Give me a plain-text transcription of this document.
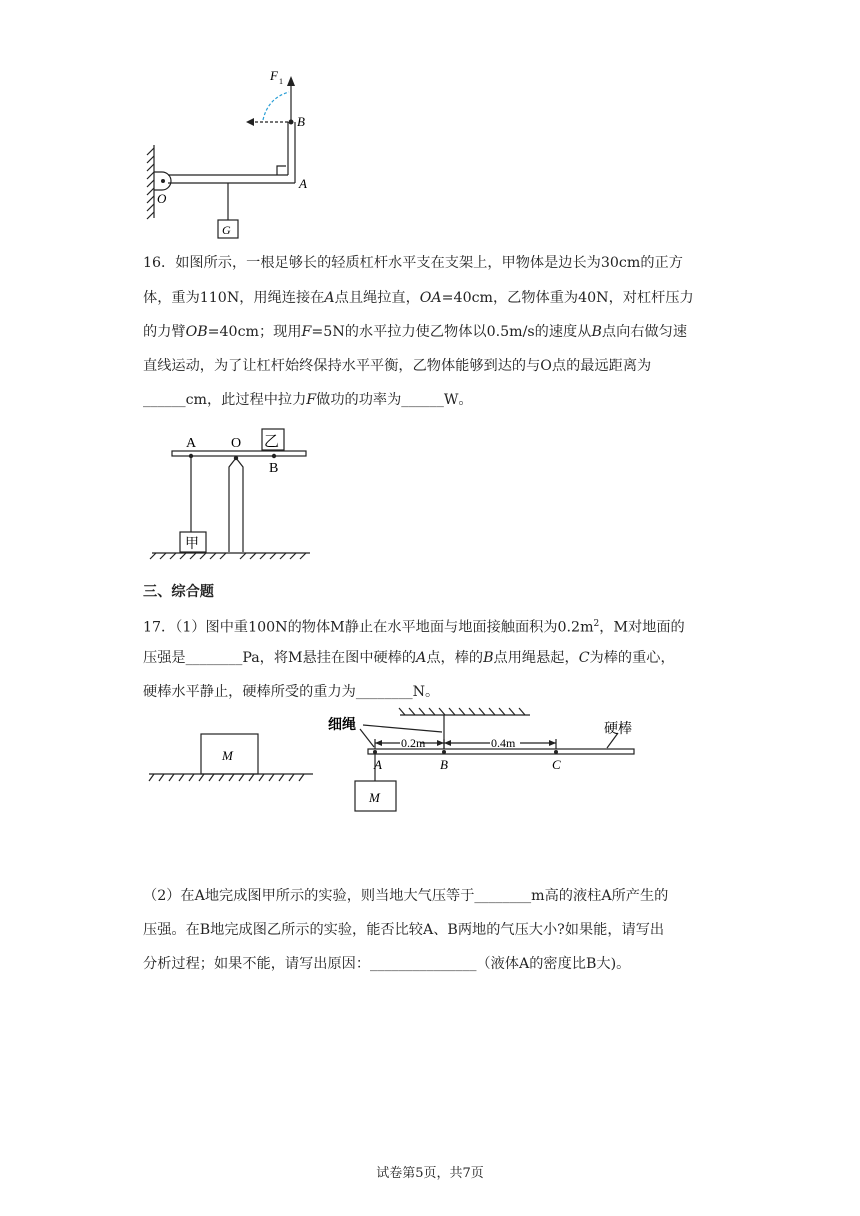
F 1
B
A
O
G
16．如图所示，一根足够长的轻质杠杆水平支在支架上，甲物体是边长为30cm的正方
体，重为110N，用绳连接在A点且绳拉直，OA=40cm，乙物体重为40N，对杠杆压力
的力臂OB=40cm；现用F=5N的水平拉力使乙物体以0.5m/s的速度从B点向右做匀速
直线运动，为了让杠杆始终保持水平平衡，乙物体能够到达的与O点的最远距离为
______cm，此过程中拉力F做功的功率为______W。
A O 乙
B
甲
三、综合题
17．（1）图中重100N的物体M静止在水平地面与地面接触面积为$0.2m^2$，M对地面的
压强是________Pa，将M悬挂在图中硬棒的A点，棒的B点用绳悬起，C为棒的重心，
硬棒水平静止，硬棒所受的重力为________N。
M
M
细绳	硬棒
0.2m	0.4m
A	B	C
（2）在A地完成图甲所示的实验，则当地大气压等于________m高的液柱A所产生的
压强。在B地完成图乙所示的实验，能否比较A、B两地的气压大小?如果能，请写出
分析过程；如果不能，请写出原因：_______________（液体A的密度比B大)。
试卷第5页，共7页
